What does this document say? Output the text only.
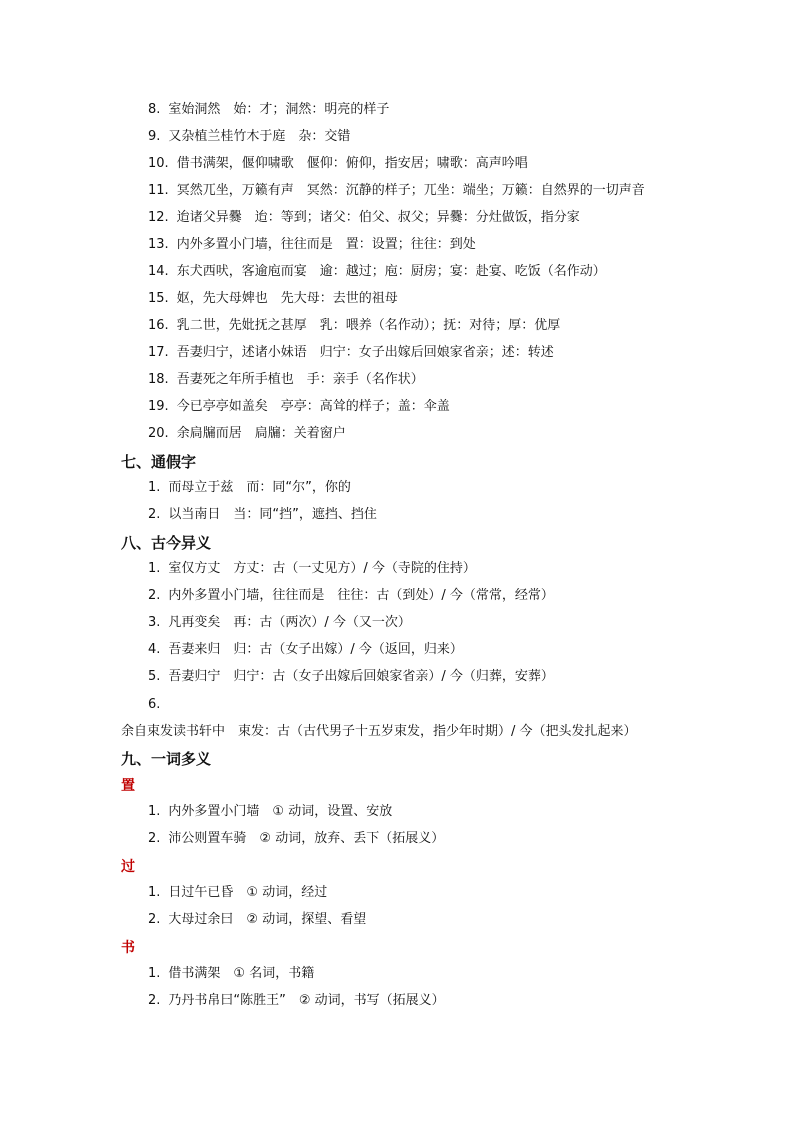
8. 室始洞然　始：才；洞然：明亮的样子
9. 又杂植兰桂竹木于庭　杂：交错
10. 借书满架，偃仰啸歌　偃仰：俯仰，指安居；啸歌：高声吟唱
11. 冥然兀坐，万籁有声　冥然：沉静的样子；兀坐：端坐；万籁：自然界的一切声音
12. 迨诸父异爨　迨：等到；诸父：伯父、叔父；异爨：分灶做饭，指分家
13. 内外多置小门墙，往往而是　置：设置；往往：到处
14. 东犬西吠，客逾庖而宴　逾：越过；庖：厨房；宴：赴宴、吃饭（名作动）
15. 妪，先大母婢也　先大母：去世的祖母
16. 乳二世，先妣抚之甚厚　乳：喂养（名作动）；抚：对待；厚：优厚
17. 吾妻归宁，述诸小妹语　归宁：女子出嫁后回娘家省亲；述：转述
18. 吾妻死之年所手植也　手：亲手（名作状）
19. 今已亭亭如盖矣　亭亭：高耸的样子；盖：伞盖
20. 余扃牖而居　扃牖：关着窗户
七、通假字
1. 而母立于兹　而：同“尔”，你的
2. 以当南日　当：同“挡”，遮挡、挡住
八、古今异义
1. 室仅方丈　方丈：古（一丈见方）/ 今（寺院的住持）
2. 内外多置小门墙，往往而是　往往：古（到处）/ 今（常常，经常）
3. 凡再变矣　再：古（两次）/ 今（又一次）
4. 吾妻来归　归：古（女子出嫁）/ 今（返回，归来）
5. 吾妻归宁　归宁：古（女子出嫁后回娘家省亲）/ 今（归葬，安葬）
6.余自束发读书轩中　束发：古（古代男子十五岁束发，指少年时期）/ 今（把头发扎起来）
九、一词多义
置
1. 内外多置小门墙　① 动词，设置、安放
2. 沛公则置车骑　② 动词，放弃、丢下（拓展义）
过
1. 日过午已昏　① 动词，经过
2. 大母过余曰　② 动词，探望、看望
书
1. 借书满架　① 名词，书籍
2. 乃丹书帛曰“陈胜王”　② 动词，书写（拓展义）
